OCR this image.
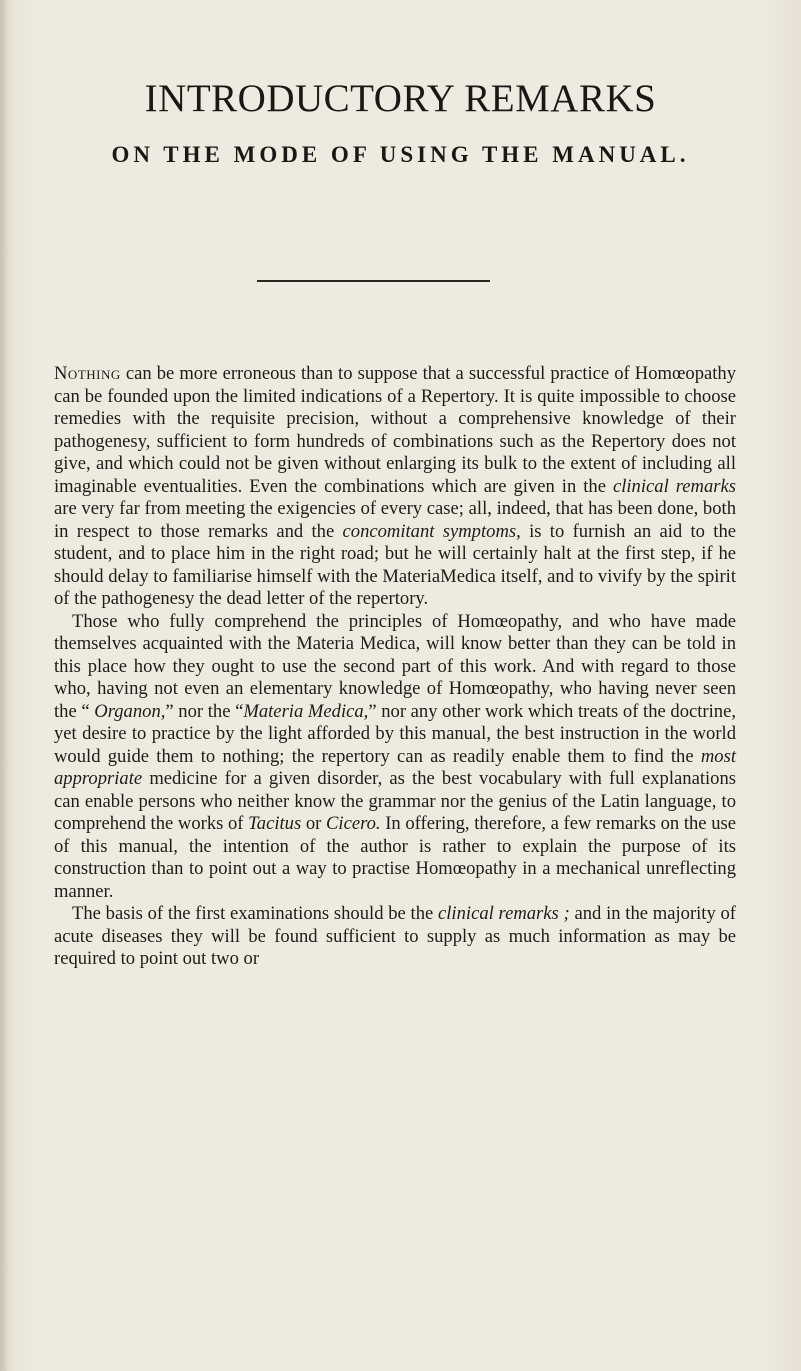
INTRODUCTORY REMARKS
ON THE MODE OF USING THE MANUAL.

Nothing can be more erroneous than to suppose that a successful practice of Homœopathy can be founded upon the limited indications of a Repertory. It is quite impossible to choose remedies with the requisite precision, without a comprehensive knowledge of their pathogenesy, sufficient to form hundreds of combinations such as the Repertory does not give, and which could not be given without enlarging its bulk to the extent of including all imaginable eventualities. Even the combinations which are given in the clinical remarks are very far from meeting the exigencies of every case; all, indeed, that has been done, both in respect to those remarks and the concomitant symptoms, is to furnish an aid to the student, and to place him in the right road; but he will certainly halt at the first step, if he should delay to familiarise himself with the MateriaMedica itself, and to vivify by the spirit of the pathogenesy the dead letter of the repertory.

Those who fully comprehend the principles of Homœopathy, and who have made themselves acquainted with the Materia Medica, will know better than they can be told in this place how they ought to use the second part of this work. And with regard to those who, having not even an elementary knowledge of Homœopathy, who having never seen the “ Organon,” nor the “Materia Medica,” nor any other work which treats of the doctrine, yet desire to practice by the light afforded by this manual, the best instruction in the world would guide them to nothing; the repertory can as readily enable them to find the most appropriate medicine for a given disorder, as the best vocabulary with full explanations can enable persons who neither know the grammar nor the genius of the Latin language, to comprehend the works of Tacitus or Cicero. In offering, therefore, a few remarks on the use of this manual, the intention of the author is rather to explain the purpose of its construction than to point out a way to practise Homœopathy in a mechanical unreflecting manner.

The basis of the first examinations should be the clinical remarks ; and in the majority of acute diseases they will be found sufficient to supply as much information as may be required to point out two or
